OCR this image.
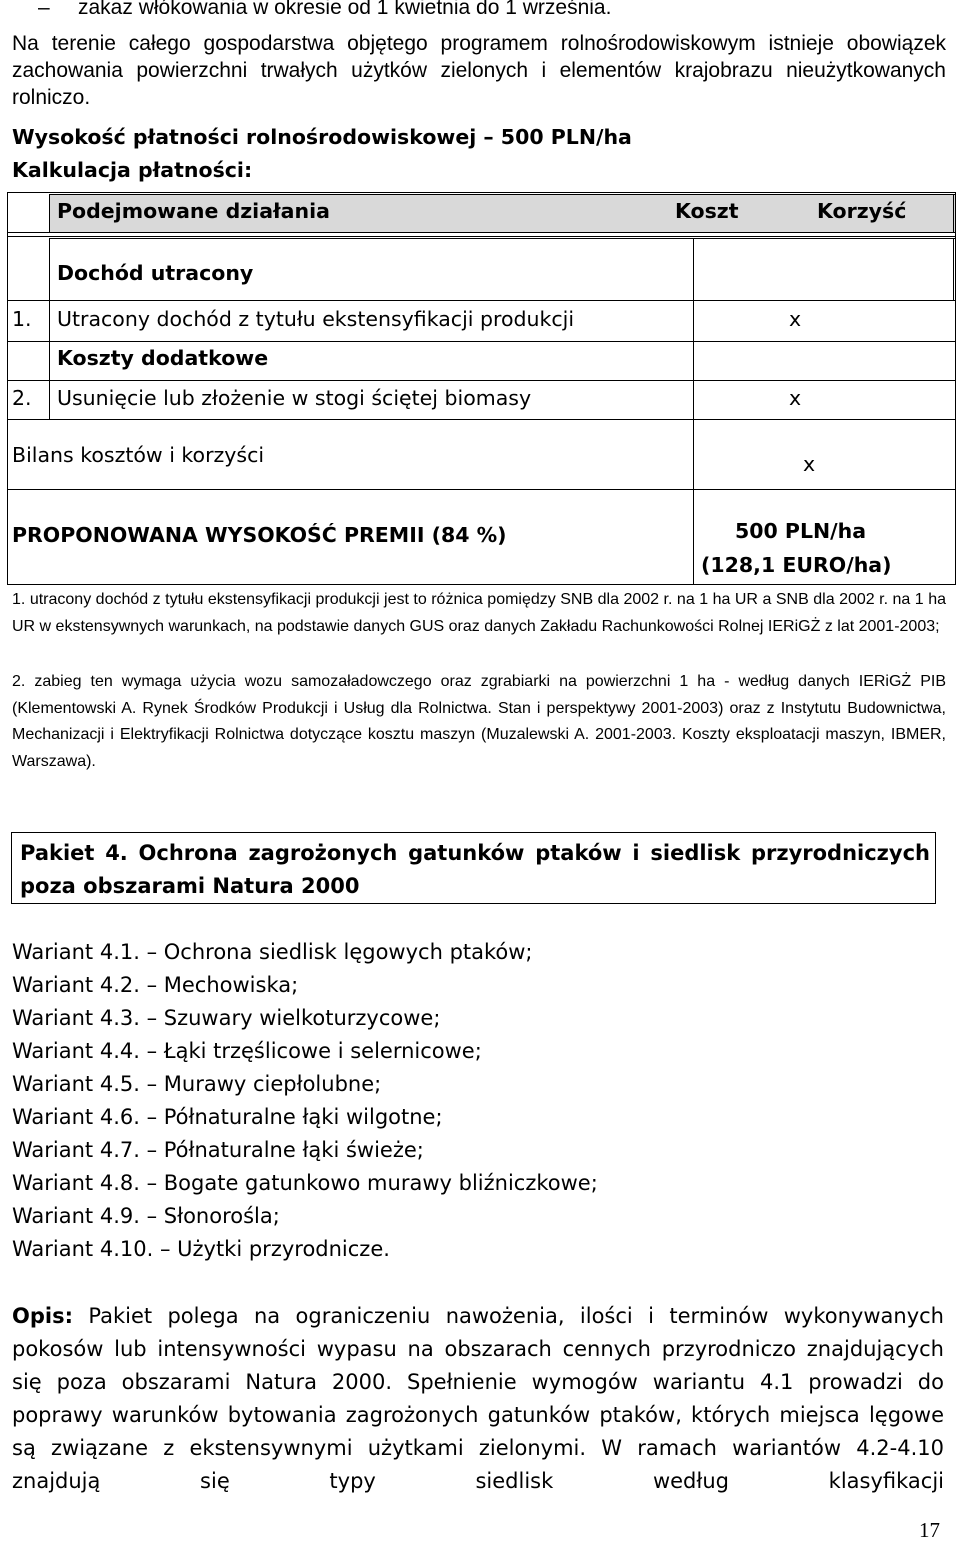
– zakaz włókowania w okresie od 1 kwietnia do 1 września.
Na terenie całego gospodarstwa objętego programem rolnośrodowiskowym istnieje obowiązek zachowania powierzchni trwałych użytków zielonych i elementów krajobrazu nieużytkowanych rolniczo.
Wysokość płatności rolnośrodowiskowej – 500 PLN/ha
Kalkulacja płatności:
Podejmowane działania	Koszt	Korzyść
Dochód utracony
1. Utracony dochód z tytułu ekstensyfikacji produkcji	x
Koszty dodatkowe
2. Usunięcie lub złożenie w stogi ściętej biomasy	x
Bilans kosztów i korzyści	x
PROPONOWANA WYSOKOŚĆ PREMII (84 %)	500 PLN/ha
(128,1 EURO/ha)
1. utracony dochód z tytułu ekstensyfikacji produkcji jest to różnica pomiędzy SNB dla 2002 r. na 1 ha UR a SNB dla 2002 r. na 1 ha UR w ekstensywnych warunkach, na podstawie danych GUS oraz danych Zakładu Rachunkowości Rolnej IERiGŻ z lat 2001-2003;
2. zabieg ten wymaga użycia wozu samozaładowczego oraz zgrabiarki na powierzchni 1 ha - według danych IERiGŻ PIB (Klementowski A. Rynek Środków Produkcji i Usług dla Rolnictwa. Stan i perspektywy 2001-2003) oraz z Instytutu Budownictwa, Mechanizacji i Elektryfikacji Rolnictwa dotyczące kosztu maszyn (Muzalewski A. 2001-2003. Koszty eksploatacji maszyn, IBMER, Warszawa).
Pakiet 4. Ochrona zagrożonych gatunków ptaków i siedlisk przyrodniczych poza obszarami Natura 2000
Wariant 4.1. – Ochrona siedlisk lęgowych ptaków;
Wariant 4.2. – Mechowiska;
Wariant 4.3. – Szuwary wielkoturzycowe;
Wariant 4.4. – Łąki trzęślicowe i selernicowe;
Wariant 4.5. – Murawy ciepłolubne;
Wariant 4.6. – Półnaturalne łąki wilgotne;
Wariant 4.7. – Półnaturalne łąki świeże;
Wariant 4.8. – Bogate gatunkowo murawy bliźniczkowe;
Wariant 4.9. – Słonorośla;
Wariant 4.10. – Użytki przyrodnicze.
Opis: Pakiet polega na ograniczeniu nawożenia, ilości i terminów wykonywanych pokosów lub intensywności wypasu na obszarach cennych przyrodniczo znajdujących się poza obszarami Natura 2000. Spełnienie wymogów wariantu 4.1 prowadzi do poprawy warunków bytowania zagrożonych gatunków ptaków, których miejsca lęgowe są związane z ekstensywnymi użytkami zielonymi. W ramach wariantów 4.2-4.10 znajdują się typy siedlisk według klasyfikacji
17
